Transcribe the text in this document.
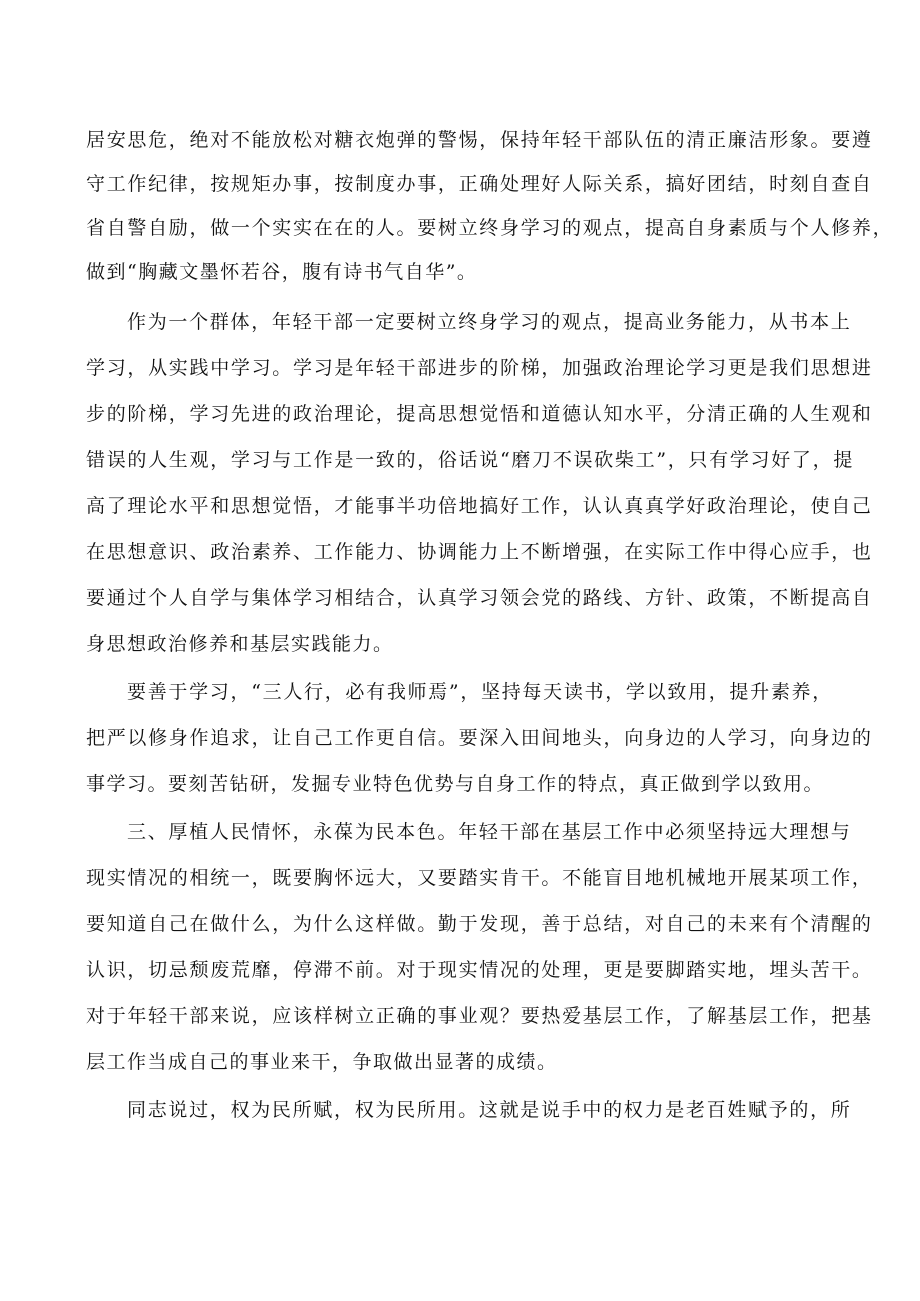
居安思危，绝对不能放松对糖衣炮弹的警惕，保持年轻干部队伍的清正廉洁形象。要遵
守工作纪律，按规矩办事，按制度办事，正确处理好人际关系，搞好团结，时刻自查自
省自警自励，做一个实实在在的人。要树立终身学习的观点，提高自身素质与个人修养，
做到“胸藏文墨怀若谷，腹有诗书气自华”。
作为一个群体，年轻干部一定要树立终身学习的观点，提高业务能力，从书本上
学习，从实践中学习。学习是年轻干部进步的阶梯，加强政治理论学习更是我们思想进
步的阶梯，学习先进的政治理论，提高思想觉悟和道德认知水平，分清正确的人生观和
错误的人生观，学习与工作是一致的，俗话说“磨刀不误砍柴工”，只有学习好了，提
高了理论水平和思想觉悟，才能事半功倍地搞好工作，认认真真学好政治理论，使自己
在思想意识、政治素养、工作能力、协调能力上不断增强，在实际工作中得心应手，也
要通过个人自学与集体学习相结合，认真学习领会党的路线、方针、政策，不断提高自
身思想政治修养和基层实践能力。
要善于学习，“三人行，必有我师焉”，坚持每天读书，学以致用，提升素养，
把严以修身作追求，让自己工作更自信。要深入田间地头，向身边的人学习，向身边的
事学习。要刻苦钻研，发掘专业特色优势与自身工作的特点，真正做到学以致用。
三、厚植人民情怀，永葆为民本色。年轻干部在基层工作中必须坚持远大理想与
现实情况的相统一，既要胸怀远大，又要踏实肯干。不能盲目地机械地开展某项工作，
要知道自己在做什么，为什么这样做。勤于发现，善于总结，对自己的未来有个清醒的
认识，切忌颓废荒靡，停滞不前。对于现实情况的处理，更是要脚踏实地，埋头苦干。
对于年轻干部来说，应该样树立正确的事业观？要热爱基层工作，了解基层工作，把基
层工作当成自己的事业来干，争取做出显著的成绩。
同志说过，权为民所赋，权为民所用。这就是说手中的权力是老百姓赋予的，所
